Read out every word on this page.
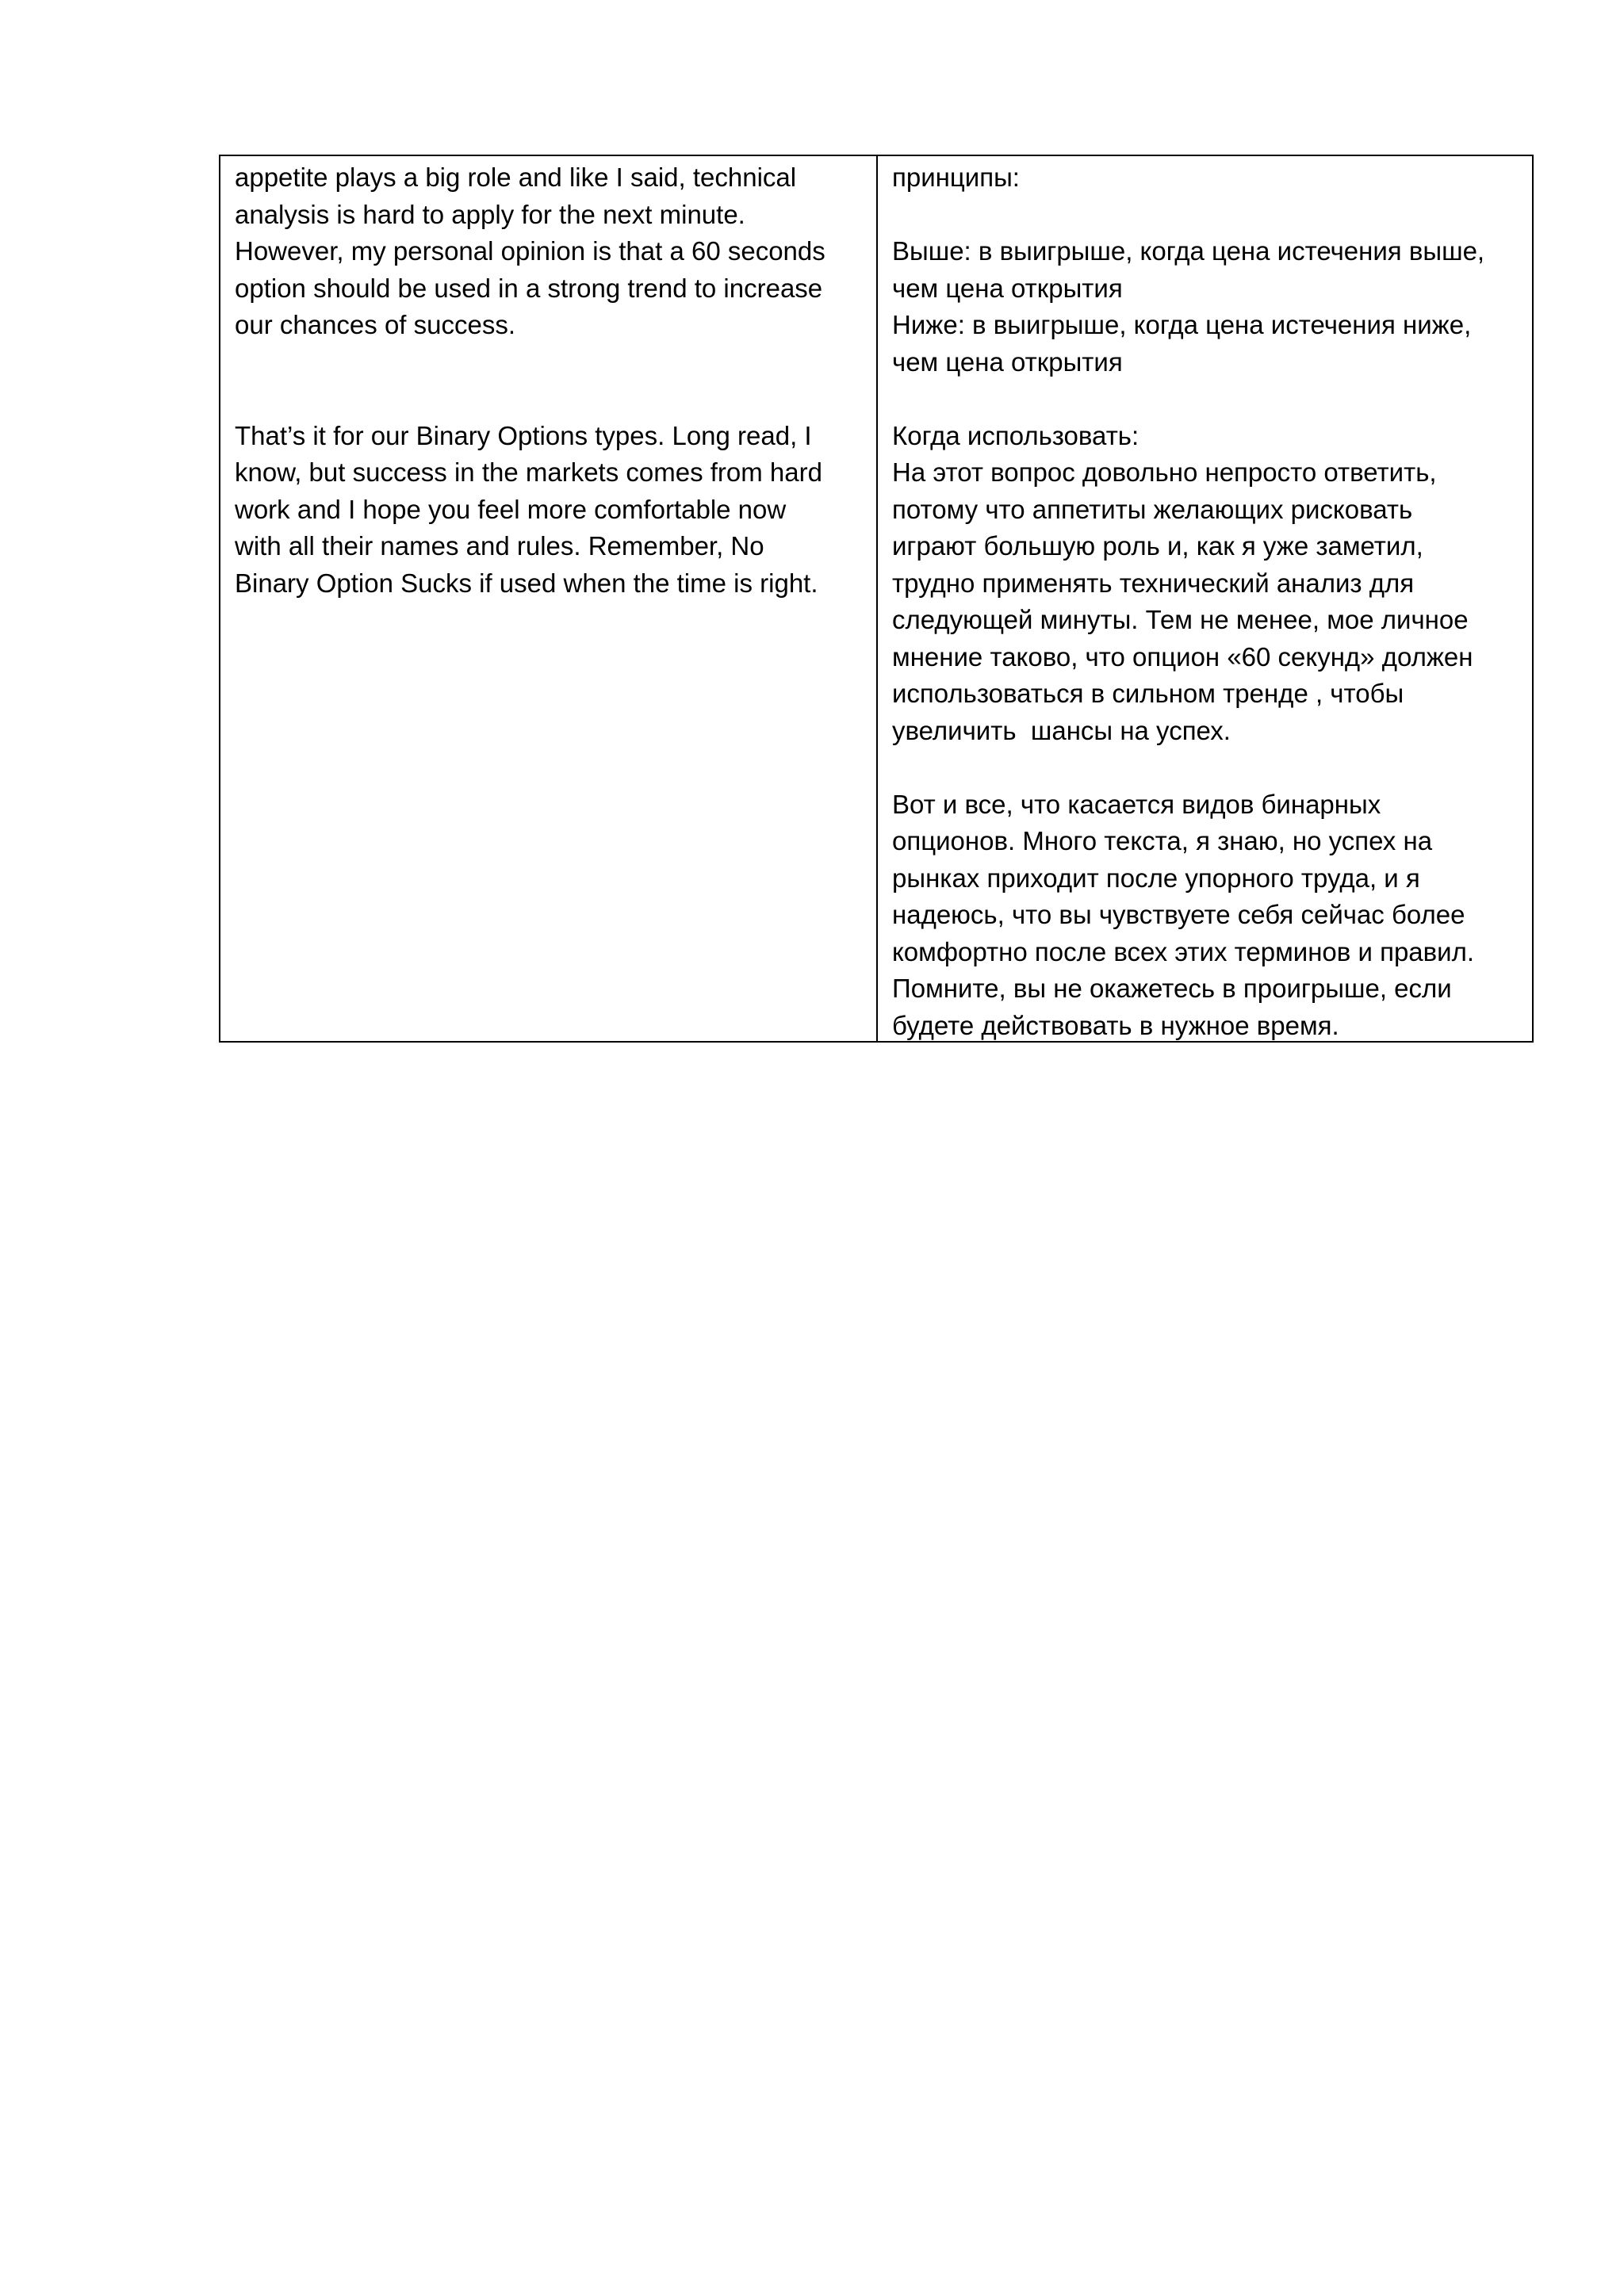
appetite plays a big role and like I said, technical
analysis is hard to apply for the next minute.
However, my personal opinion is that a 60 seconds
option should be used in a strong trend to increase
our chances of success.

That’s it for our Binary Options types. Long read, I
know, but success in the markets comes from hard
work and I hope you feel more comfortable now
with all their names and rules. Remember, No
Binary Option Sucks if used when the time is right.

принципы:

Выше: в выигрыше, когда цена истечения выше,
чем цена открытия
Ниже: в выигрыше, когда цена истечения ниже,
чем цена открытия

Когда использовать:
На этот вопрос довольно непросто ответить,
потому что аппетиты желающих рисковать
играют большую роль и, как я уже заметил,
трудно применять технический анализ для
следующей минуты. Тем не менее, мое личное
мнение таково, что опцион «60 секунд» должен
использоваться в сильном тренде , чтобы
увеличить  шансы на успех.

Вот и все, что касается видов бинарных
опционов. Много текста, я знаю, но успех на
рынках приходит после упорного труда, и я
надеюсь, что вы чувствуете себя сейчас более
комфортно после всех этих терминов и правил.
Помните, вы не окажетесь в проигрыше, если
будете действовать в нужное время.
